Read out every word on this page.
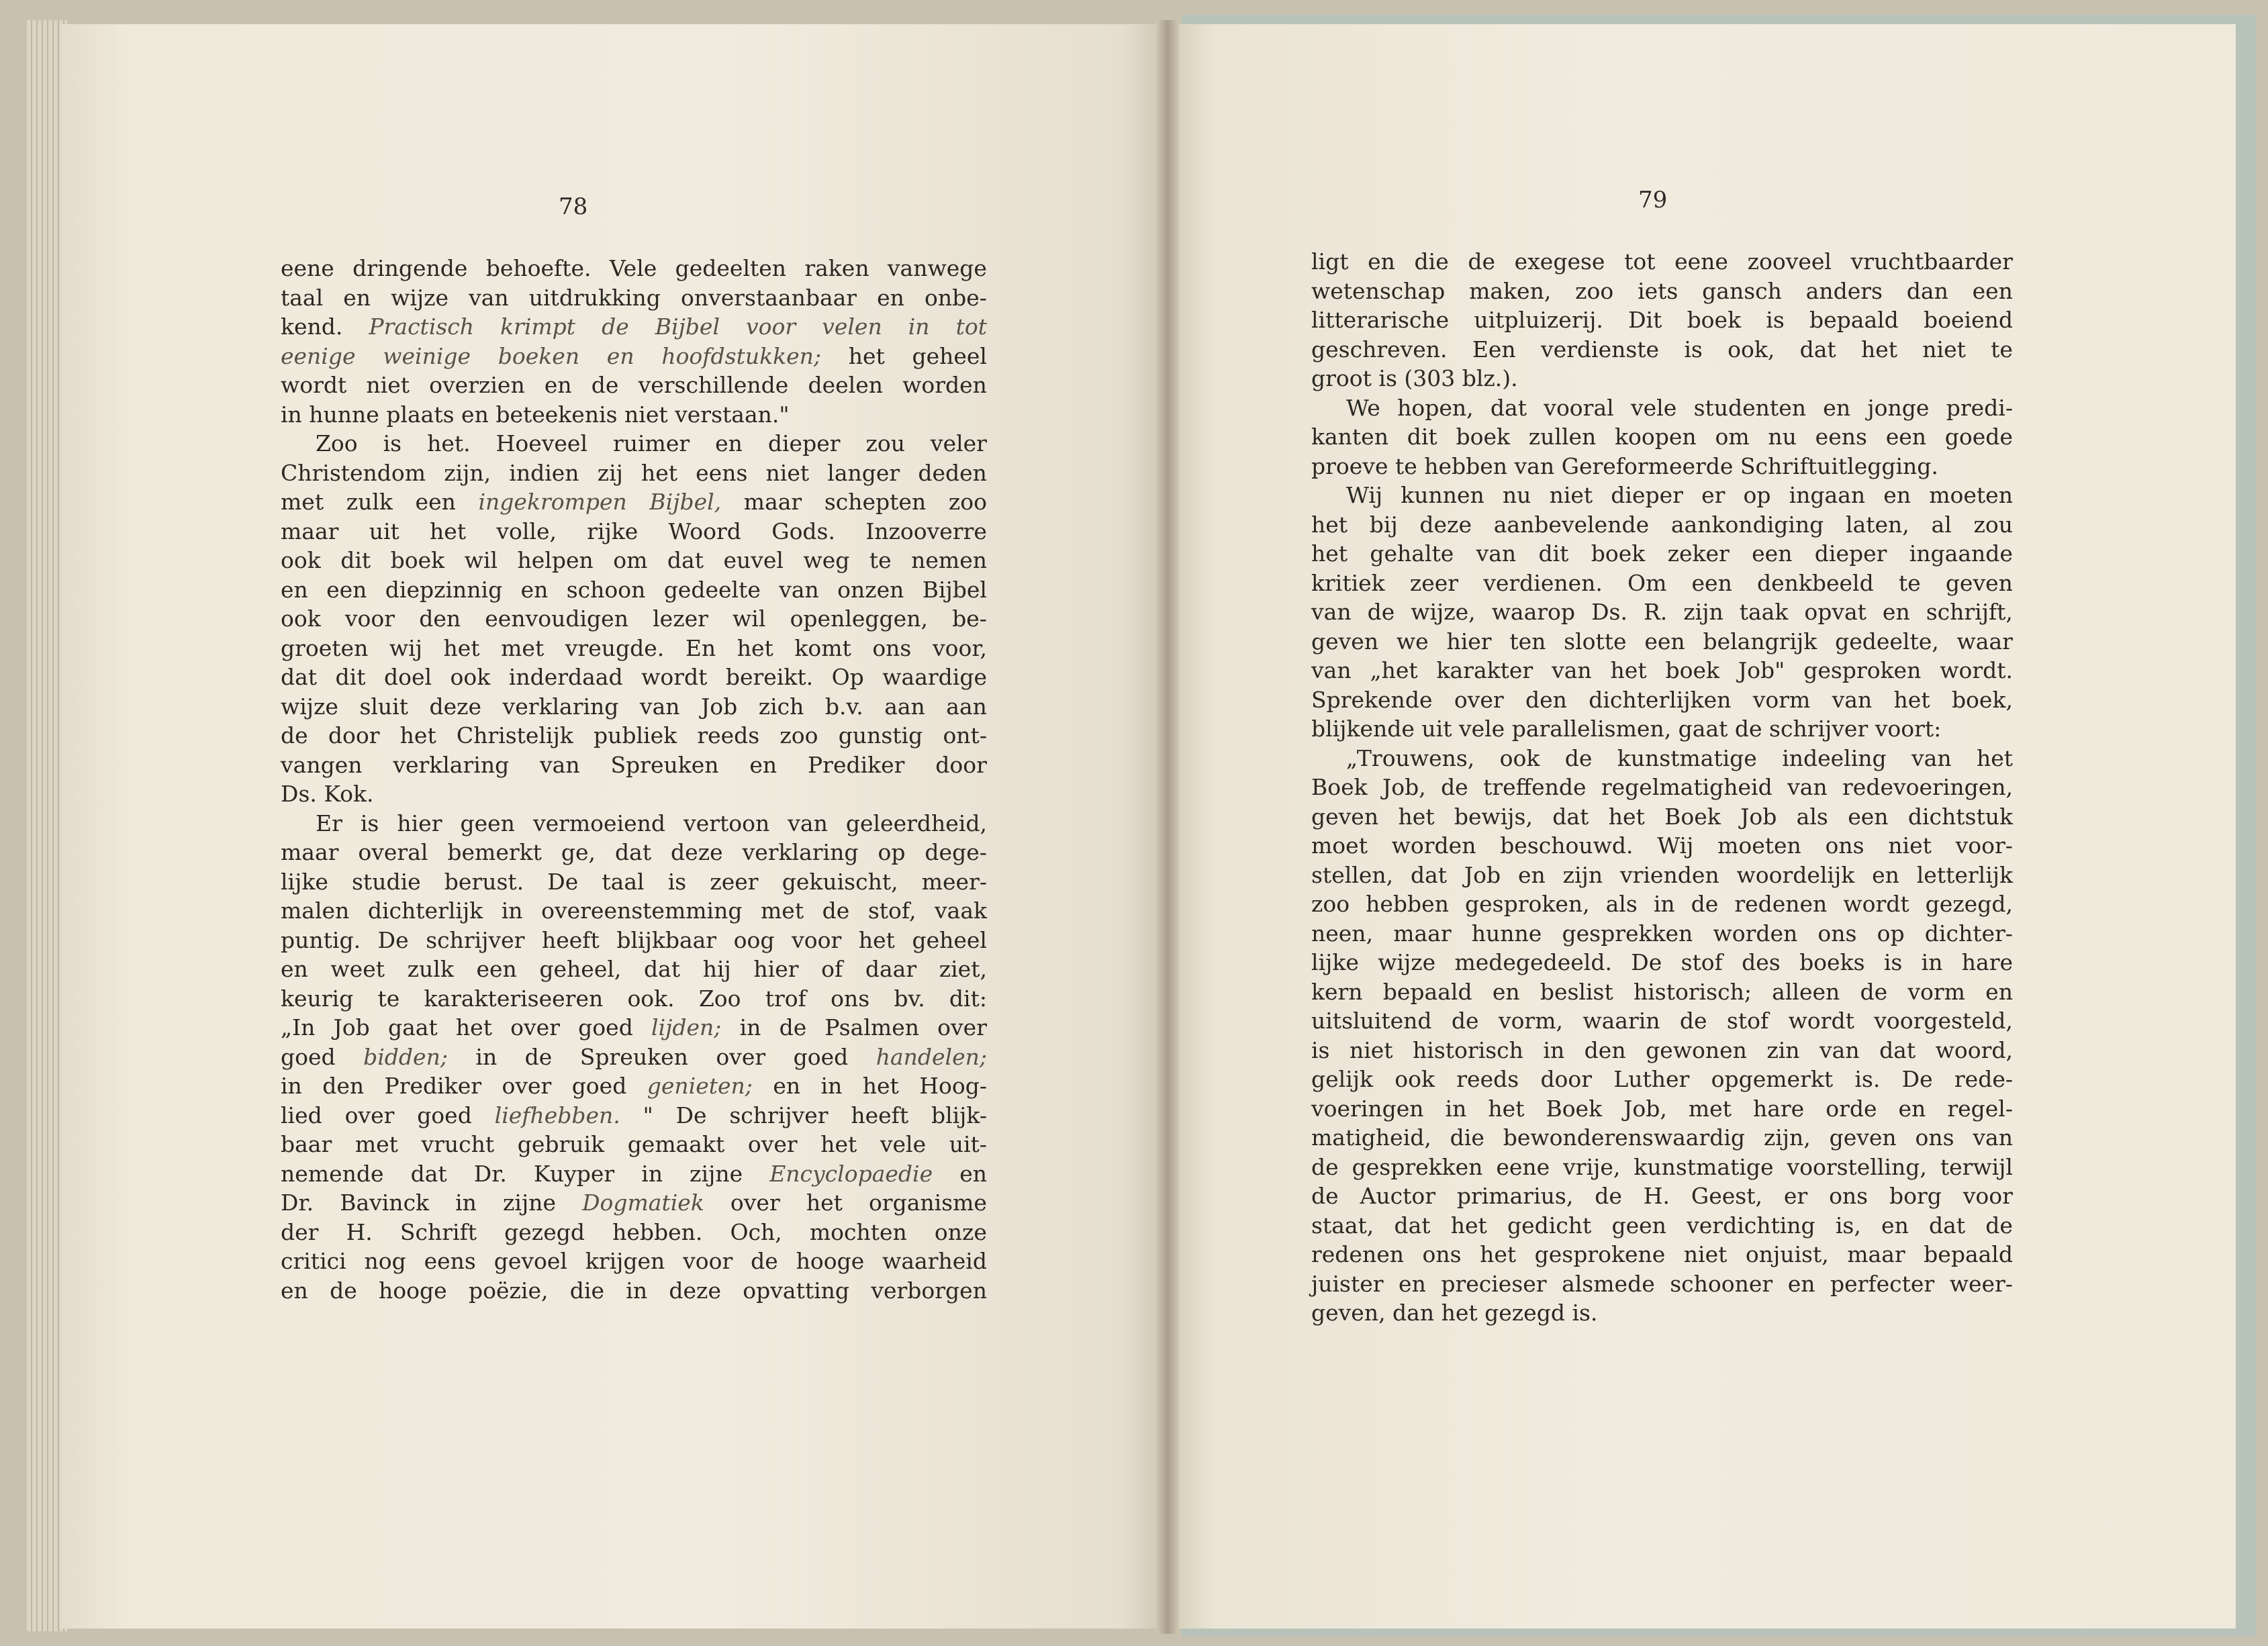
78	79
eene dringende behoefte. Vele gedeelten raken vanwege
taal en wijze van uitdrukking onverstaanbaar en onbe-
kend. Practisch krimpt de Bijbel voor velen in tot
eenige weinige boeken en hoofdstukken; het geheel
wordt niet overzien en de verschillende deelen worden
in hunne plaats en beteekenis niet verstaan."
Zoo is het. Hoeveel ruimer en dieper zou veler
Christendom zijn, indien zij het eens niet langer deden
met zulk een ingekrompen Bijbel, maar schepten zoo
maar uit het volle, rijke Woord Gods. Inzooverre
ook dit boek wil helpen om dat euvel weg te nemen
en een diepzinnig en schoon gedeelte van onzen Bijbel
ook voor den eenvoudigen lezer wil openleggen, be-
groeten wij het met vreugde. En het komt ons voor,
dat dit doel ook inderdaad wordt bereikt. Op waardige
wijze sluit deze verklaring van Job zich b.v. aan aan
de door het Christelijk publiek reeds zoo gunstig ont-
vangen verklaring van Spreuken en Prediker door
Ds. Kok.
Er is hier geen vermoeiend vertoon van geleerdheid,
maar overal bemerkt ge, dat deze verklaring op dege-
lijke studie berust. De taal is zeer gekuischt, meer-
malen dichterlijk in overeenstemming met de stof, vaak
puntig. De schrijver heeft blijkbaar oog voor het geheel
en weet zulk een geheel, dat hij hier of daar ziet,
keurig te karakteriseeren ook. Zoo trof ons bv. dit:
„In Job gaat het over goed lijden; in de Psalmen over
goed bidden; in de Spreuken over goed handelen;
in den Prediker over goed genieten; en in het Hoog-
lied over goed liefhebben. " De schrijver heeft blijk-
baar met vrucht gebruik gemaakt over het vele uit-
nemende dat Dr. Kuyper in zijne Encyclopaedie en
Dr. Bavinck in zijne Dogmatiek over het organisme
der H. Schrift gezegd hebben. Och, mochten onze
critici nog eens gevoel krijgen voor de hooge waarheid
en de hooge poëzie, die in deze opvatting verborgen
ligt en die de exegese tot eene zooveel vruchtbaarder
wetenschap maken, zoo iets gansch anders dan een
litterarische uitpluizerij. Dit boek is bepaald boeiend
geschreven. Een verdienste is ook, dat het niet te
groot is (303 blz.).
We hopen, dat vooral vele studenten en jonge predi-
kanten dit boek zullen koopen om nu eens een goede
proeve te hebben van Gereformeerde Schriftuitlegging.
Wij kunnen nu niet dieper er op ingaan en moeten
het bij deze aanbevelende aankondiging laten, al zou
het gehalte van dit boek zeker een dieper ingaande
kritiek zeer verdienen. Om een denkbeeld te geven
van de wijze, waarop Ds. R. zijn taak opvat en schrijft,
geven we hier ten slotte een belangrijk gedeelte, waar
van „het karakter van het boek Job" gesproken wordt.
Sprekende over den dichterlijken vorm van het boek,
blijkende uit vele parallelismen, gaat de schrijver voort:
„Trouwens, ook de kunstmatige indeeling van het
Boek Job, de treffende regelmatigheid van redevoeringen,
geven het bewijs, dat het Boek Job als een dichtstuk
moet worden beschouwd. Wij moeten ons niet voor-
stellen, dat Job en zijn vrienden woordelijk en letterlijk
zoo hebben gesproken, als in de redenen wordt gezegd,
neen, maar hunne gesprekken worden ons op dichter-
lijke wijze medegedeeld. De stof des boeks is in hare
kern bepaald en beslist historisch; alleen de vorm en
uitsluitend de vorm, waarin de stof wordt voorgesteld,
is niet historisch in den gewonen zin van dat woord,
gelijk ook reeds door Luther opgemerkt is. De rede-
voeringen in het Boek Job, met hare orde en regel-
matigheid, die bewonderenswaardig zijn, geven ons van
de gesprekken eene vrije, kunstmatige voorstelling, terwijl
de Auctor primarius, de H. Geest, er ons borg voor
staat, dat het gedicht geen verdichting is, en dat de
redenen ons het gesprokene niet onjuist, maar bepaald
juister en precieser alsmede schooner en perfecter weer-
geven, dan het gezegd is.
